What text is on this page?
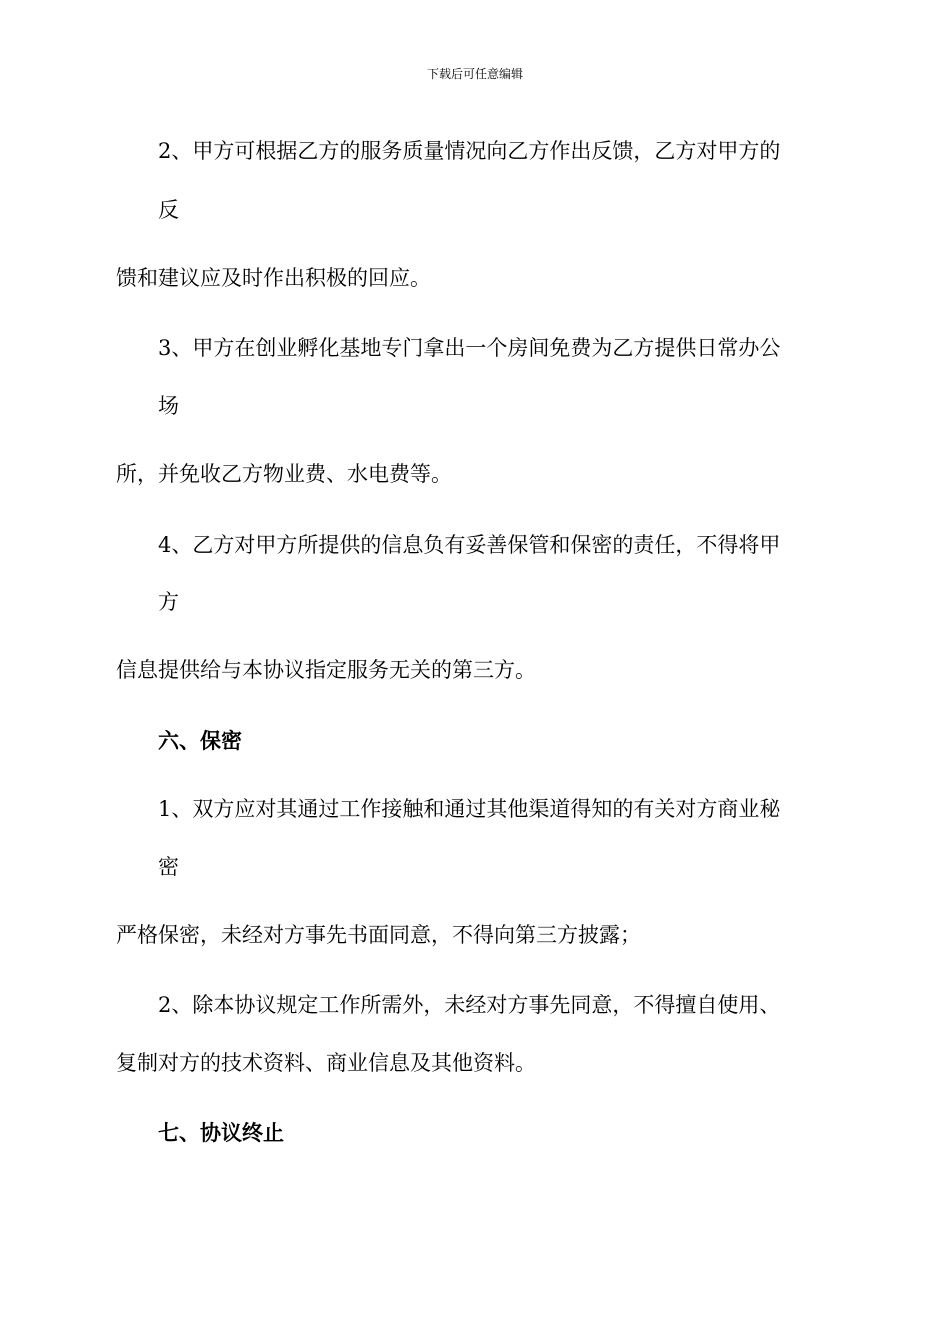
下载后可任意编辑
2、甲方可根据乙方的服务质量情况向乙方作出反馈，乙方对甲方的
反
馈和建议应及时作出积极的回应。
3、甲方在创业孵化基地专门拿出一个房间免费为乙方提供日常办公
场
所，并免收乙方物业费、水电费等。
4、乙方对甲方所提供的信息负有妥善保管和保密的责任，不得将甲
方
信息提供给与本协议指定服务无关的第三方。
六、保密
1、双方应对其通过工作接触和通过其他渠道得知的有关对方商业秘
密
严格保密，未经对方事先书面同意，不得向第三方披露；
2、除本协议规定工作所需外，未经对方事先同意，不得擅自使用、
复制对方的技术资料、商业信息及其他资料。
七、协议终止
